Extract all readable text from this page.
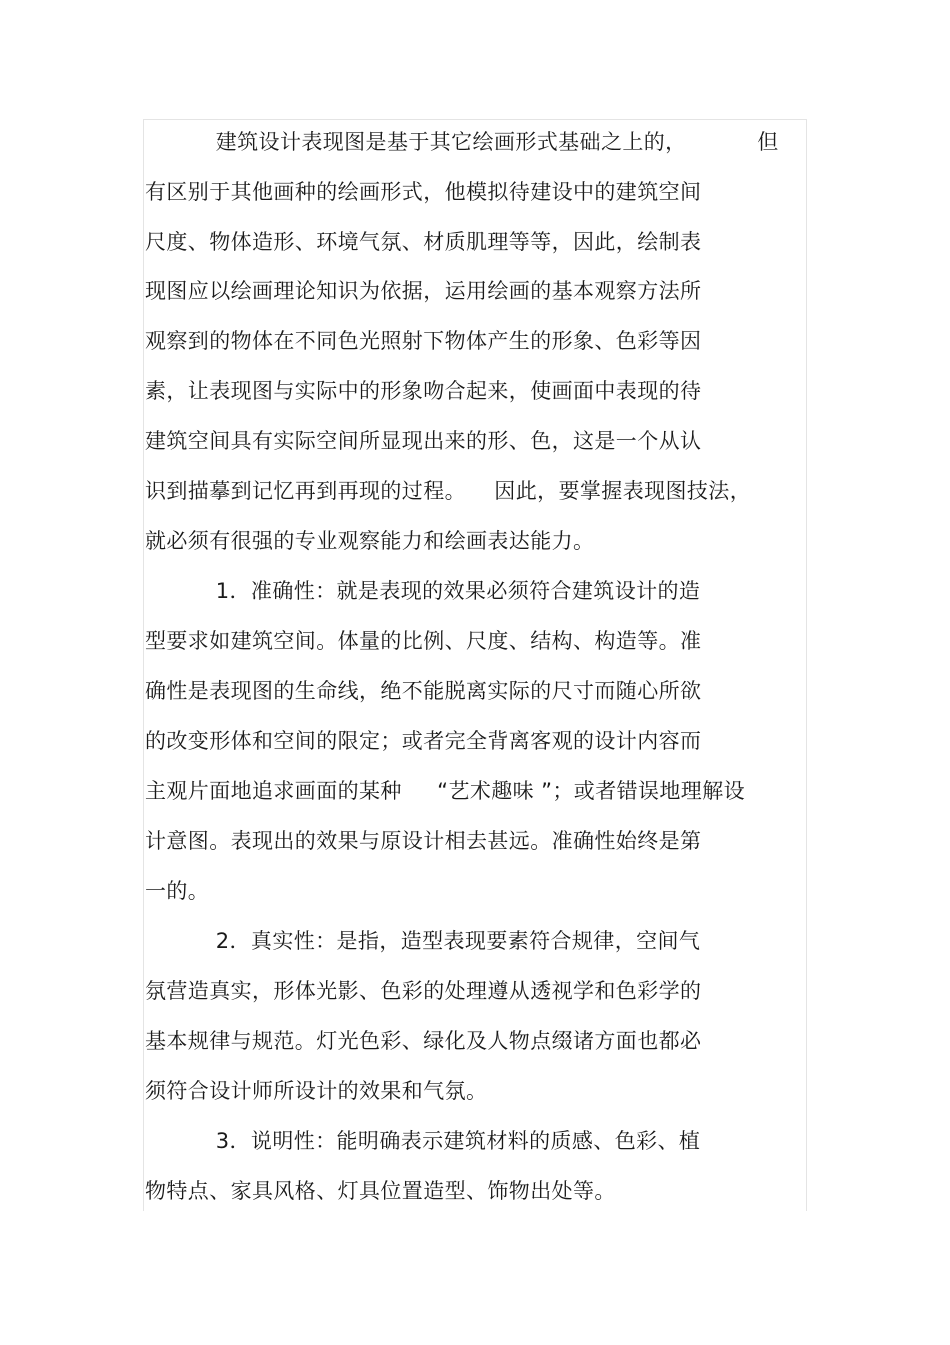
建筑设计表现图是基于其它绘画形式基础之上的，          但
有区别于其他画种的绘画形式，他模拟待建设中的建筑空间
尺度、物体造形、环境气氛、材质肌理等等，因此，绘制表
现图应以绘画理论知识为依据，运用绘画的基本观察方法所
观察到的物体在不同色光照射下物体产生的形象、色彩等因
素，让表现图与实际中的形象吻合起来，使画面中表现的待
建筑空间具有实际空间所显现出来的形、色，这是一个从认
识到描摹到记忆再到再现的过程。    因此，要掌握表现图技法，
就必须有很强的专业观察能力和绘画表达能力。
1．准确性：就是表现的效果必须符合建筑设计的造
型要求如建筑空间。体量的比例、尺度、结构、构造等。准
确性是表现图的生命线，绝不能脱离实际的尺寸而随心所欲
的改变形体和空间的限定；或者完全背离客观的设计内容而
主观片面地追求画面的某种     “艺术趣味 ”；或者错误地理解设
计意图。表现出的效果与原设计相去甚远。准确性始终是第
一的。
2．真实性：是指，造型表现要素符合规律，空间气
氛营造真实，形体光影、色彩的处理遵从透视学和色彩学的
基本规律与规范。灯光色彩、绿化及人物点缀诸方面也都必
须符合设计师所设计的效果和气氛。
3．说明性：能明确表示建筑材料的质感、色彩、植
物特点、家具风格、灯具位置造型、饰物出处等。
